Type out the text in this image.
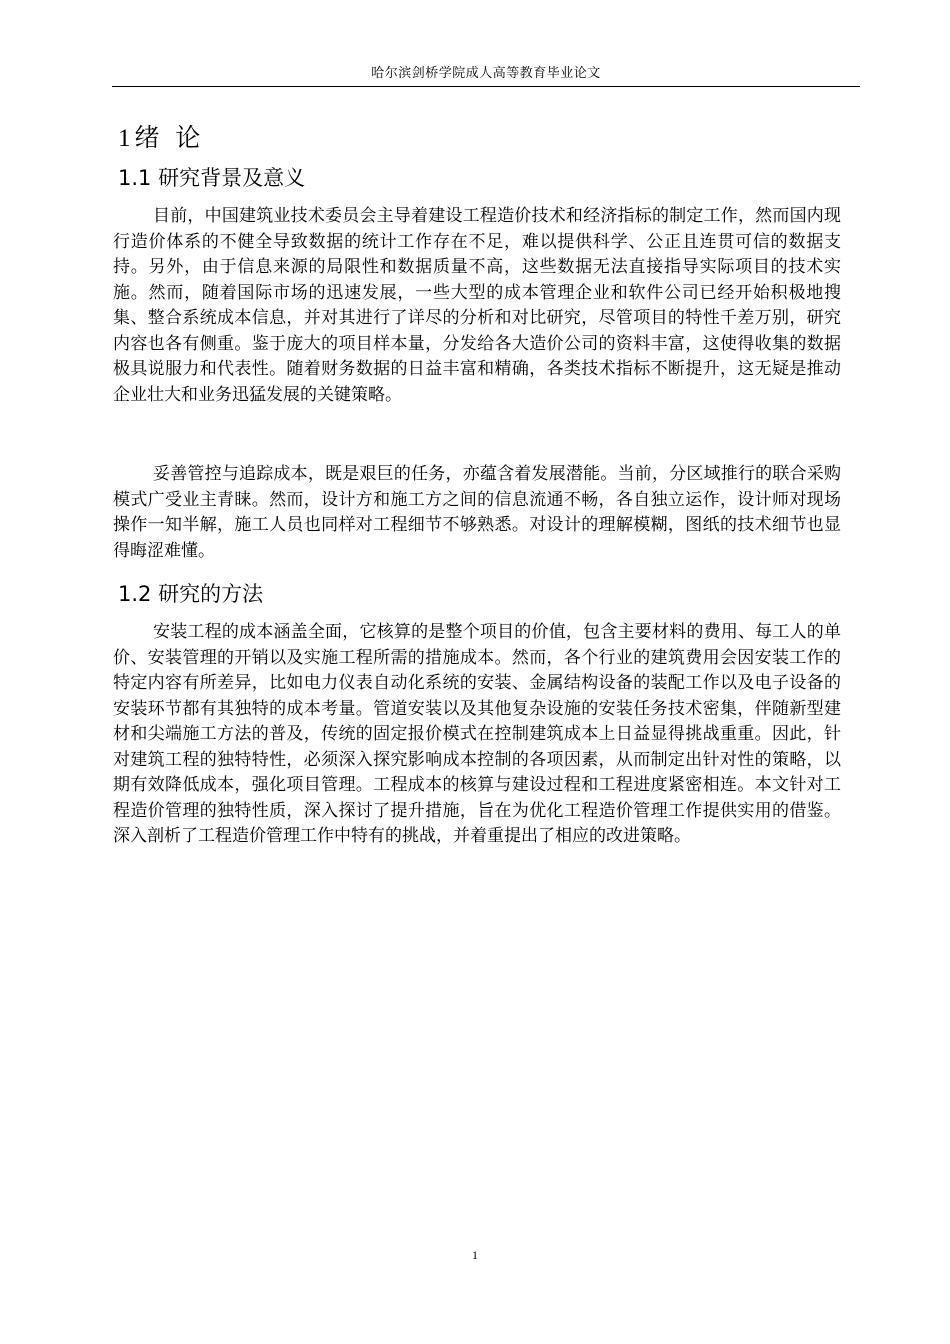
哈尔滨剑桥学院成人高等教育毕业论文
1 绪  论
1.1 研究背景及意义

目前，中国建筑业技术委员会主导着建设工程造价技术和经济指标的制定工作，然而国内现行造价体系的不健全导致数据的统计工作存在不足，难以提供科学、公正且连贯可信的数据支持。另外，由于信息来源的局限性和数据质量不高，这些数据无法直接指导实际项目的技术实施。然而，随着国际市场的迅速发展，一些大型的成本管理企业和软件公司已经开始积极地搜集、整合系统成本信息，并对其进行了详尽的分析和对比研究，尽管项目的特性千差万别，研究内容也各有侧重。鉴于庞大的项目样本量，分发给各大造价公司的资料丰富，这使得收集的数据极具说服力和代表性。随着财务数据的日益丰富和精确，各类技术指标不断提升，这无疑是推动企业壮大和业务迅猛发展的关键策略。

妥善管控与追踪成本，既是艰巨的任务，亦蕴含着发展潜能。当前，分区域推行的联合采购模式广受业主青睐。然而，设计方和施工方之间的信息流通不畅，各自独立运作，设计师对现场操作一知半解，施工人员也同样对工程细节不够熟悉。对设计的理解模糊，图纸的技术细节也显得晦涩难懂。

1.2 研究的方法

安装工程的成本涵盖全面，它核算的是整个项目的价值，包含主要材料的费用、每工人的单价、安装管理的开销以及实施工程所需的措施成本。然而，各个行业的建筑费用会因安装工作的特定内容有所差异，比如电力仪表自动化系统的安装、金属结构设备的装配工作以及电子设备的安装环节都有其独特的成本考量。管道安装以及其他复杂设施的安装任务技术密集，伴随新型建材和尖端施工方法的普及，传统的固定报价模式在控制建筑成本上日益显得挑战重重。因此，针对建筑工程的独特特性，必须深入探究影响成本控制的各项因素，从而制定出针对性的策略，以期有效降低成本，强化项目管理。工程成本的核算与建设过程和工程进度紧密相连。本文针对工程造价管理的独特性质，深入探讨了提升措施，旨在为优化工程造价管理工作提供实用的借鉴。深入剖析了工程造价管理工作中特有的挑战，并着重提出了相应的改进策略。

1
